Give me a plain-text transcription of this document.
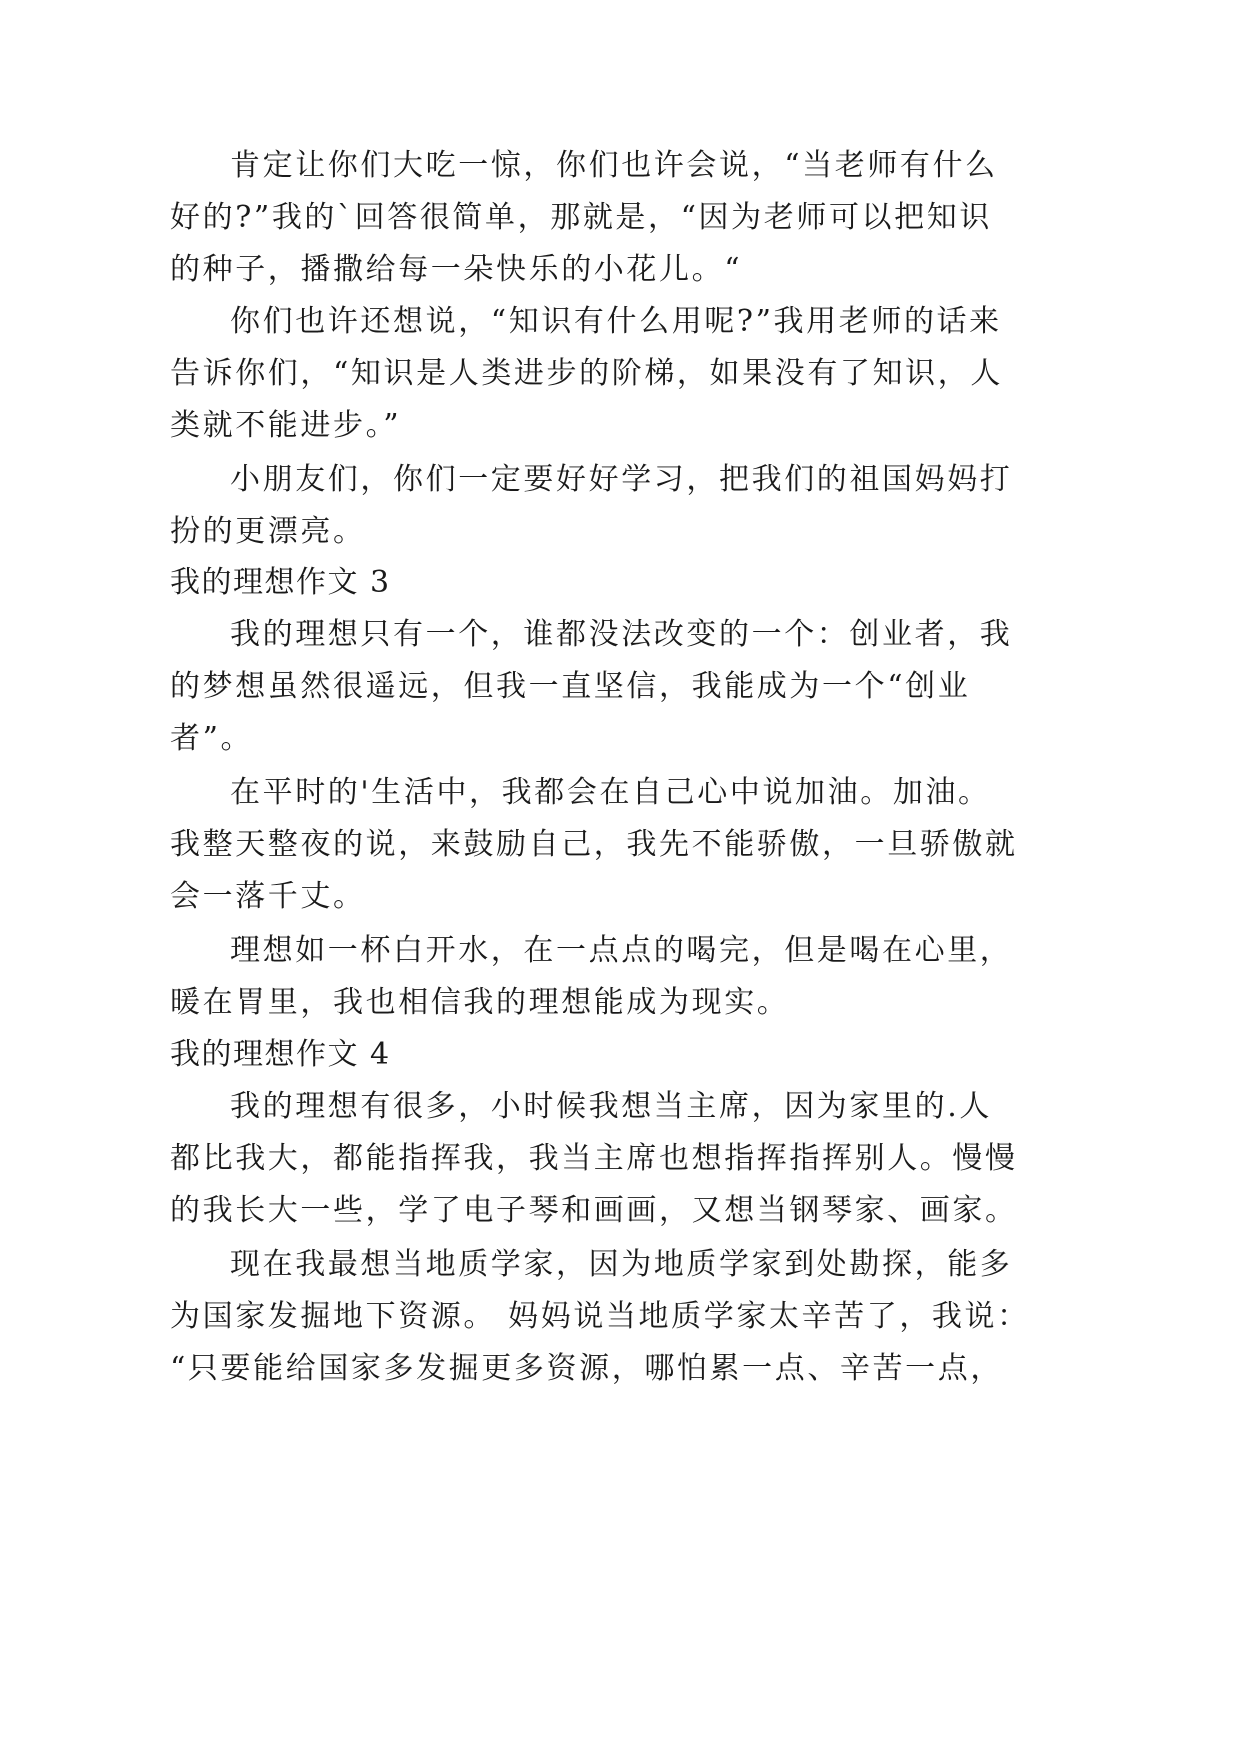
肯定让你们大吃一惊，你们也许会说，“当老师有什么
好的?”我的`回答很简单，那就是，“因为老师可以把知识
的种子，播撒给每一朵快乐的小花儿。“
你们也许还想说，“知识有什么用呢?”我用老师的话来
告诉你们，“知识是人类进步的阶梯，如果没有了知识，人
类就不能进步。”
小朋友们，你们一定要好好学习，把我们的祖国妈妈打
扮的更漂亮。
我的理想作文 3
我的理想只有一个，谁都没法改变的一个：创业者，我
的梦想虽然很遥远，但我一直坚信，我能成为一个“创业
者”。
在平时的'生活中，我都会在自己心中说加油。加油。
我整天整夜的说，来鼓励自己，我先不能骄傲，一旦骄傲就
会一落千丈。
理想如一杯白开水，在一点点的喝完，但是喝在心里，
暖在胃里，我也相信我的理想能成为现实。
我的理想作文 4
我的理想有很多，小时候我想当主席，因为家里的.人
都比我大，都能指挥我，我当主席也想指挥指挥别人。慢慢
的我长大一些，学了电子琴和画画，又想当钢琴家、画家。
现在我最想当地质学家，因为地质学家到处勘探，能多
为国家发掘地下资源。 妈妈说当地质学家太辛苦了，我说：
“只要能给国家多发掘更多资源，哪怕累一点、辛苦一点，
